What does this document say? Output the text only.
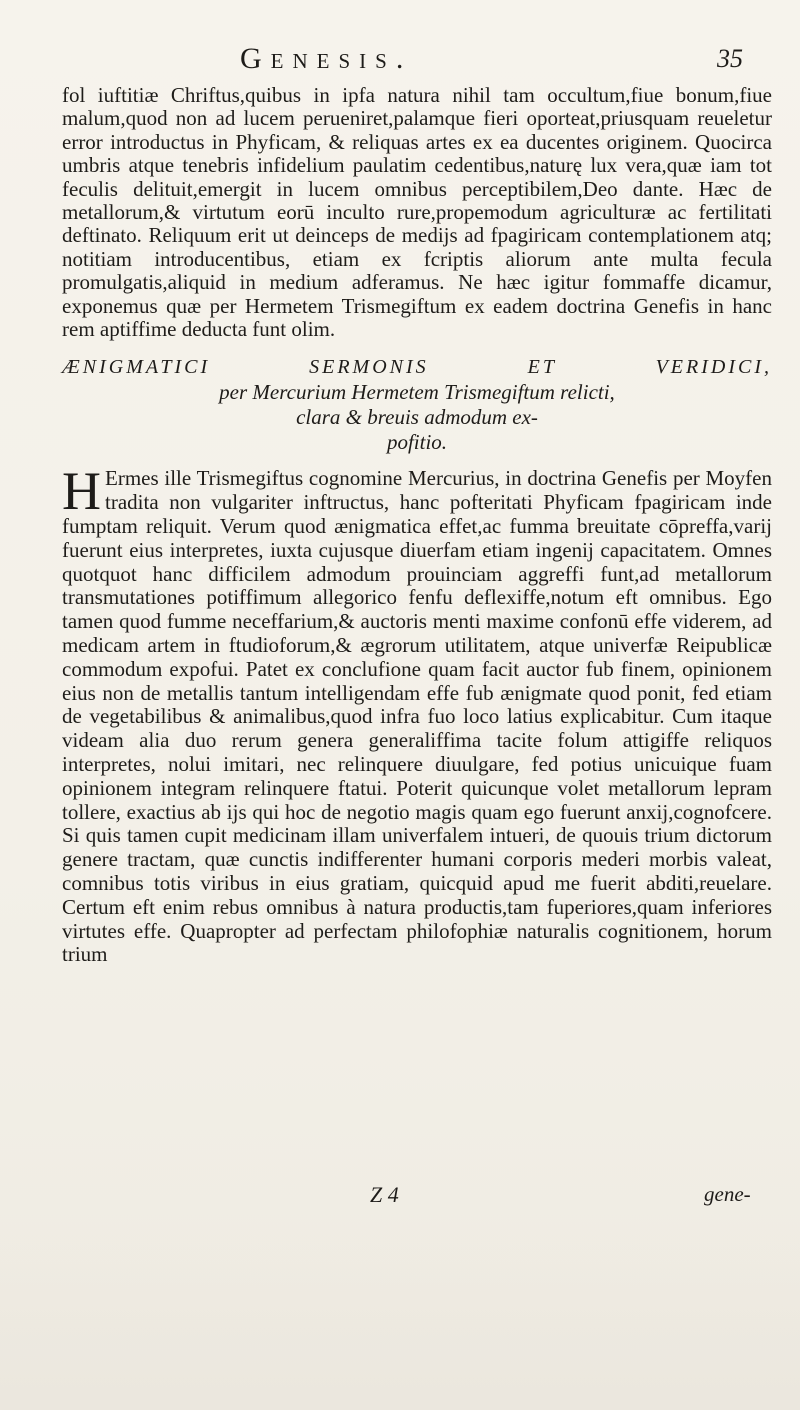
Genesis.	35

fol iuftitiæ Chriftus,quibus in ipfa natura nihil tam occultum,fiue bonum,fiue malum,quod non ad lucem perueniret,palamque fieri oporteat,priusquam reueletur error introductus in Phyficam, & reliquas artes ex ea ducentes originem. Quocirca umbris atque tenebris infidelium paulatim cedentibus,naturę lux vera,quæ iam tot feculis delituit,emergit in lucem omnibus perceptibilem,Deo dante. Hæc de metallorum,& virtutum eorū inculto rure,propemodum agriculturæ ac fertilitati deftinato. Reliquum erit ut deinceps de medijs ad fpagiricam contemplationem atq; notitiam introducentibus, etiam ex fcriptis aliorum ante multa fecula promulgatis,aliquid in medium adferamus. Ne hæc igitur fommaffe dicamur, exponemus quæ per Hermetem Trismegiftum ex eadem doctrina Genefis in hanc rem aptiffime deducta funt olim.

ÆNIGMATICI SERMONIS ET VERIDICI,
per Mercurium Hermetem Trismegiftum relicti,
clara & breuis admodum ex-
pofitio.

H Ermes ille Trismegiftus cognomine Mercurius, in doctrina Genefis per Moyfen tradita non vulgariter inftructus, hanc pofteritati Phyficam fpagiricam inde fumptam reliquit. Verum quod ænigmatica effet,ac fumma breuitate cōpreffa,varij fuerunt eius interpretes, iuxta cujusque diuerfam etiam ingenij capacitatem. Omnes quotquot hanc difficilem admodum prouinciam aggreffi funt,ad metallorum transmutationes potiffimum allegorico fenfu deflexiffe,notum eft omnibus. Ego tamen quod fumme neceffarium,& auctoris menti maxime confonū effe viderem, ad medicam artem in ftudioforum,& ægrorum utilitatem, atque univerfæ Reipublicæ commodum expofui. Patet ex conclufione quam facit auctor fub finem, opinionem eius non de metallis tantum intelligendam effe fub ænigmate quod ponit, fed etiam de vegetabilibus & animalibus,quod infra fuo loco latius explicabitur. Cum itaque videam alia duo rerum genera generaliffima tacite folum attigiffe reliquos interpretes, nolui imitari, nec relinquere diuulgare, fed potius unicuique fuam opinionem integram relinquere ftatui. Poterit quicunque volet metallorum lepram tollere, exactius ab ijs qui hoc de negotio magis quam ego fuerunt anxij,cognofcere. Si quis tamen cupit medicinam illam univerfalem intueri, de quouis trium dictorum genere tractam, quæ cunctis indifferenter humani corporis mederi morbis valeat, comnibus totis viribus in eius gratiam, quicquid apud me fuerit abditi,reuelare. Certum eft enim rebus omnibus à natura productis,tam fuperiores,quam inferiores virtutes effe. Quapropter ad perfectam philofophiæ naturalis cognitionem, horum trium

Z 4	gene-
